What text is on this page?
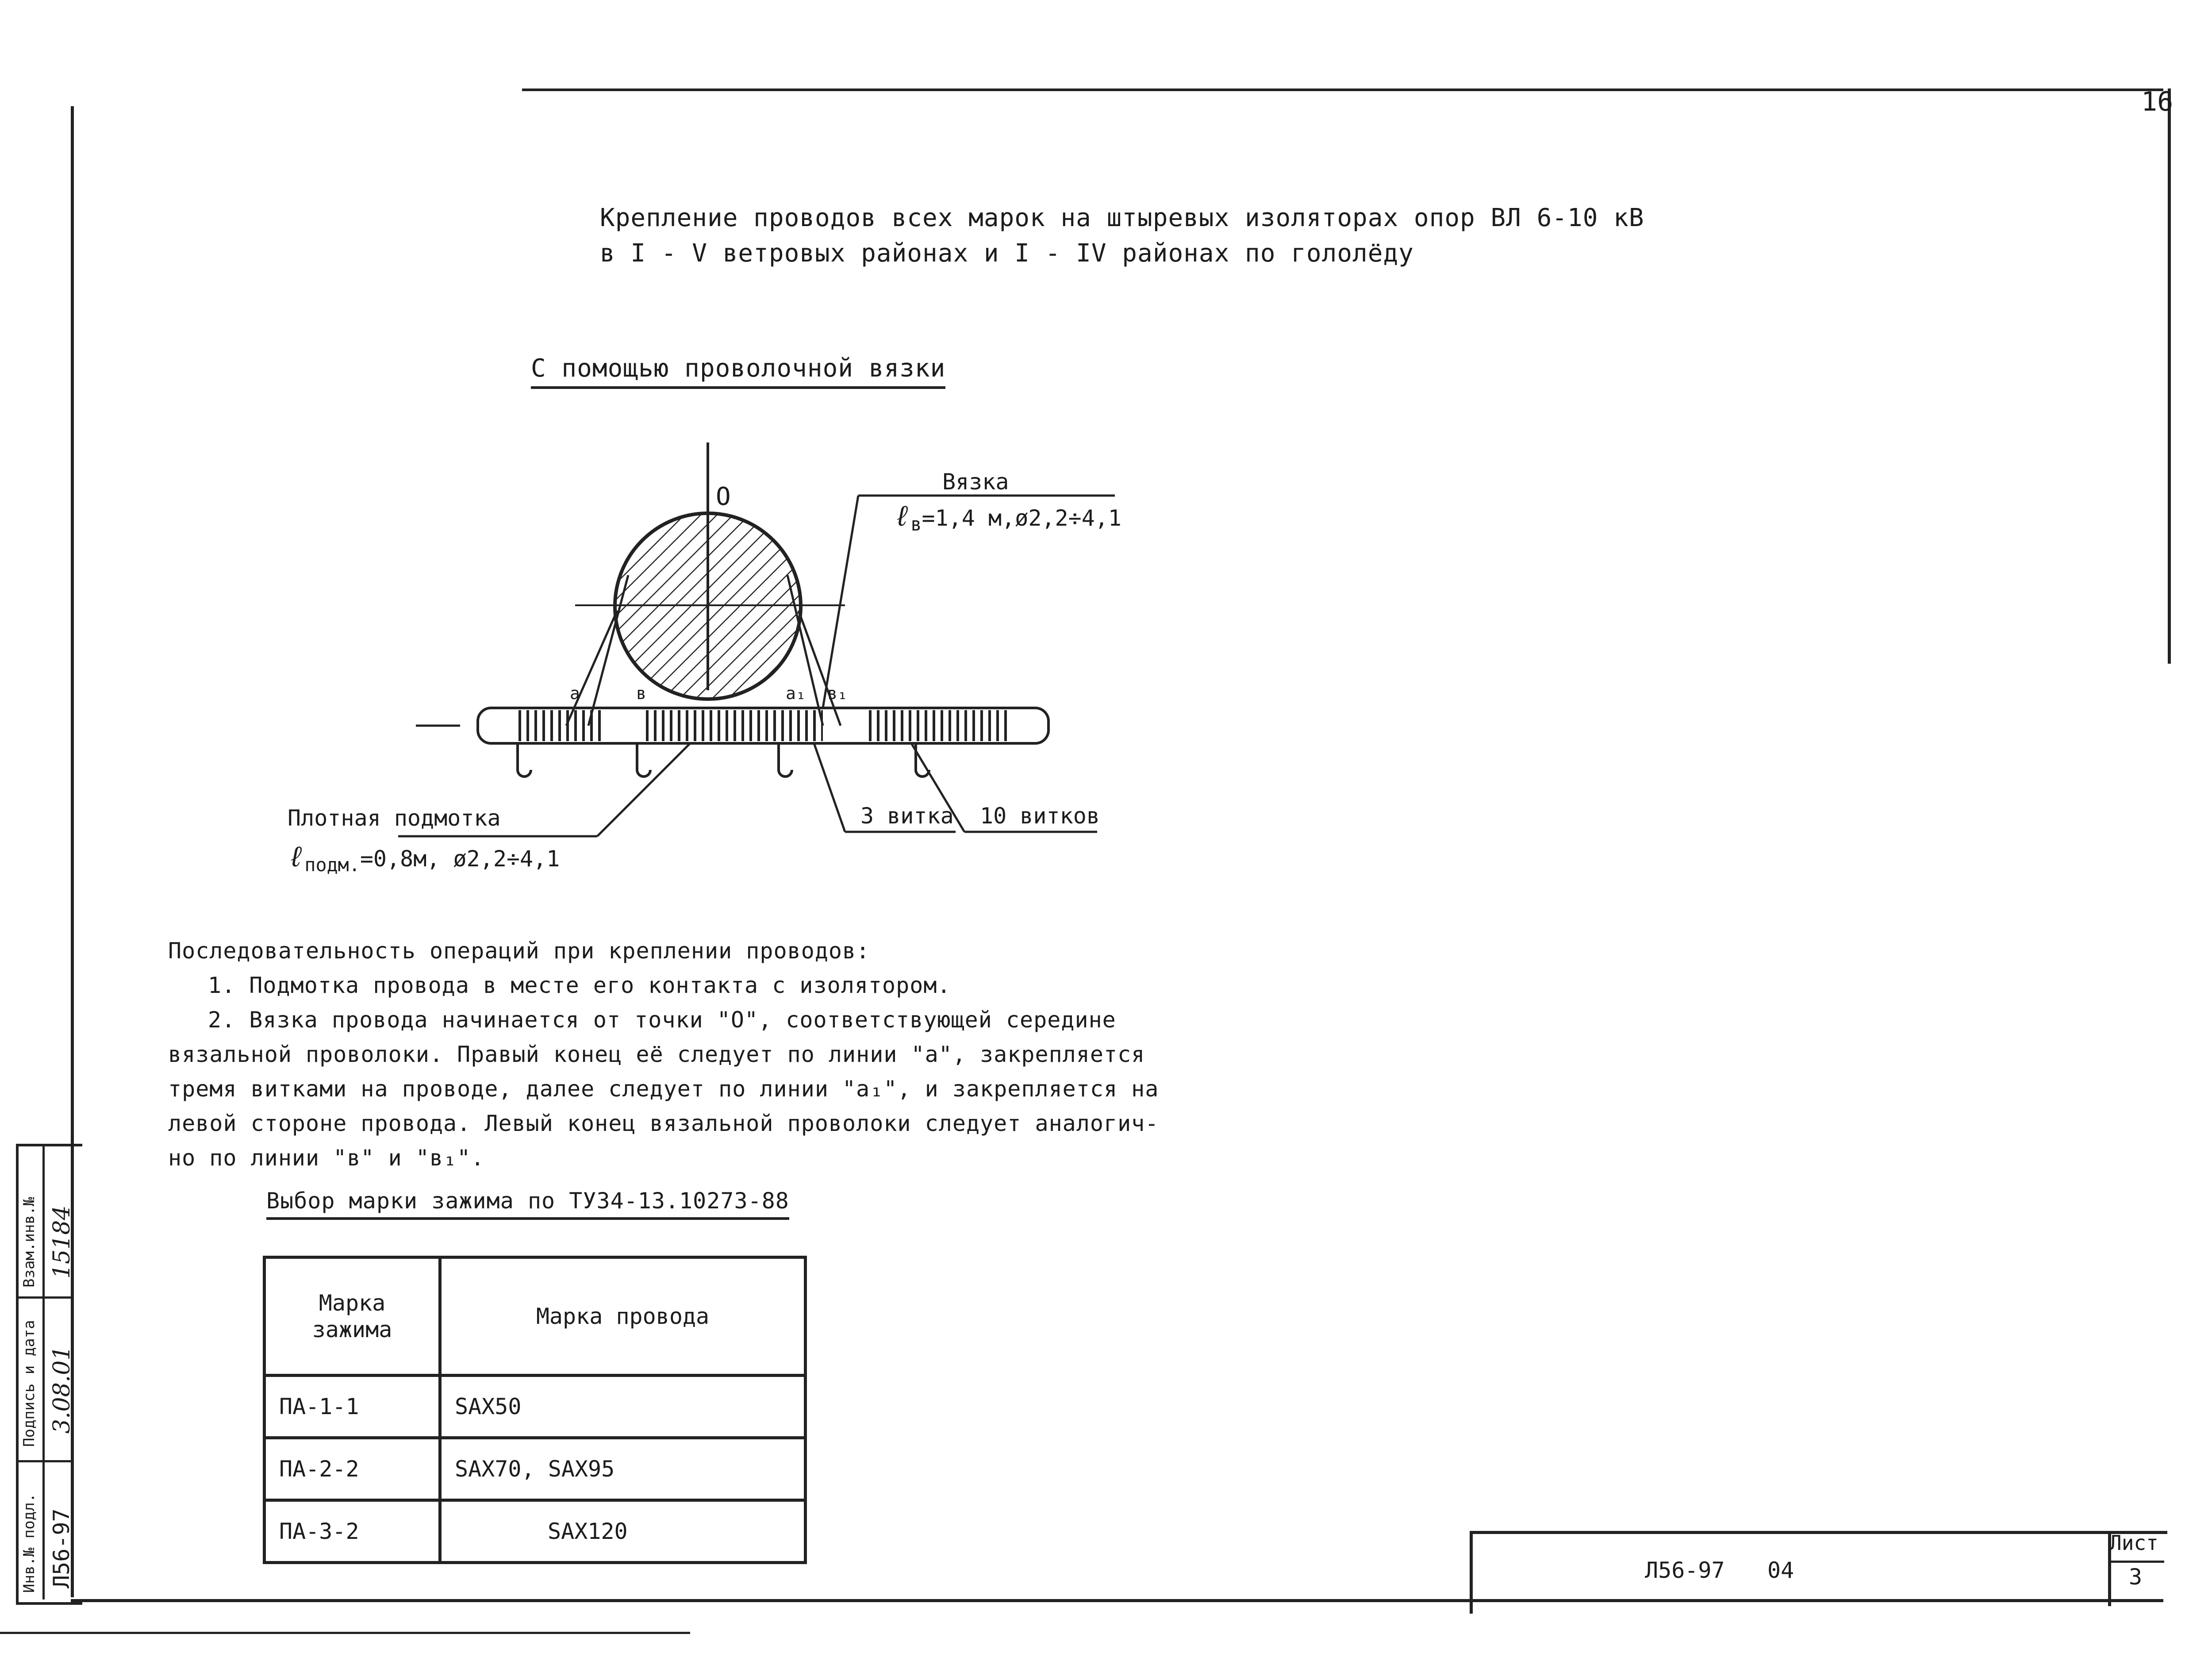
16
Крепление проводов всех марок на штыревых изоляторах опор ВЛ 6-10 кВ
в I - V ветровых районах и I - IV районах по гололёду
С помощью проволочной вязки
O
Вязка
ℓ$_в$=1,4 м,ø2,2÷4,1
a	в	a₁ в₁
Плотная подмотка
ℓ$_{подм.}$=0,8м, ø2,2÷4,1
3 витка 10 витков
Последовательность операций при креплении проводов:
1. Подмотка провода в месте его контакта с изолятором.
2. Вязка провода начинается от точки "О", соответствующей середине
вязальной проволоки. Правый конец её следует по линии "а", закрепляется
тремя витками на проводе, далее следует по линии "а₁", и закрепляется на
левой стороне провода. Левый конец вязальной проволоки следует аналогич-
но по линии "в" и "в₁".
Выбор марки зажима по ТУ34-13.10273-88
Марка зажима	Марка провода
ПА-1-1	SAX50
ПА-2-2	SAX70, SAX95
ПА-3-2	SAX120
Л56-97 04
Лист
3
Инв.№ подл.
Подпись и дата
Взам.инв.№
Л56-97
3.08.01
15184
